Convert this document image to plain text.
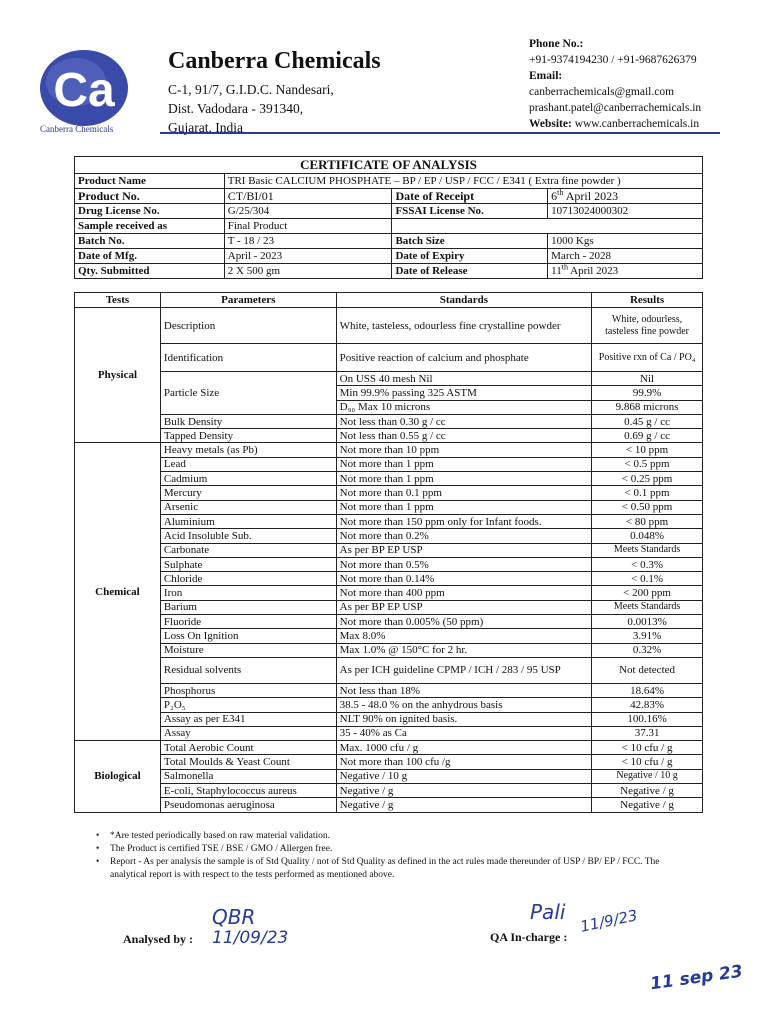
Ca
Canberra Chemicals
Canberra Chemicals
C-1, 91/7, G.I.D.C. Nandesari,
Dist. Vadodara - 391340,
Gujarat, India
Phone No.:
+91-9374194230 / +91-9687626379
Email:
canberrachemicals@gmail.com
prashant.patel@canberrachemicals.in
Website: www.canberrachemicals.in
CERTIFICATE OF ANALYSIS			
Product Name	TRI Basic CALCIUM PHOSPHATE – BP / EP / USP / FCC / E341 ( Extra fine powder )		
Product No.	CT/BI/01	Date of Receipt	6th April 2023
Drug License No.	G/25/304	FSSAI License No.	10713024000302
Sample received as	Final Product		
Batch No.	T - 18 / 23	Batch Size	1000 Kgs
Date of Mfg.	April - 2023	Date of Expiry	March - 2028
Qty. Submitted	2 X 500 gm	Date of Release	11th April 2023
Tests	Parameters	Standards	Results
Physical	Description	White, tasteless, odourless fine crystalline powder	White, odourless, tasteless fine powder
	Identification	Positive reaction of calcium and phosphate	Positive rxn of Ca / PO₄
	Particle Size	On USS 40 mesh Nil	Nil
		Min 99.9% passing 325 ASTM	99.9%
		D₉₀ Max 10 microns	9.868 microns
	Bulk Density	Not less than 0.30 g / cc	0.45 g / cc
	Tapped Density	Not less than 0.55 g / cc	0.69 g / cc
Chemical	Heavy metals (as Pb)	Not more than 10 ppm	< 10 ppm
	Lead	Not more than 1 ppm	< 0.5 ppm
	Cadmium	Not more than 1 ppm	< 0.25 ppm
	Mercury	Not more than 0.1 ppm	< 0.1 ppm
	Arsenic	Not more than 1 ppm	< 0.50 ppm
	Aluminium	Not more than 150 ppm only for Infant foods.	< 80 ppm
	Acid Insoluble Sub.	Not more than 0.2%	0.048%
	Carbonate	As per BP EP USP	Meets Standards
	Sulphate	Not more than 0.5%	< 0.3%
	Chloride	Not more than 0.14%	< 0.1%
	Iron	Not more than 400 ppm	< 200 ppm
	Barium	As per BP EP USP	Meets Standards
	Fluoride	Not more than 0.005% (50 ppm)	0.0013%
	Loss On Ignition	Max 8.0%	3.91%
	Moisture	Max 1.0% @ 150°C for 2 hr.	0.32%
	Residual solvents	As per ICH guideline CPMP / ICH / 283 / 95 USP	Not detected
	Phosphorus	Not less than 18%	18.64%
	P₂O₅	38.5 - 48.0 % on the anhydrous basis	42.83%
	Assay as per E341	NLT 90% on ignited basis.	100.16%
	Assay	35 - 40% as Ca	37.31
Biological	Total Aerobic Count	Max. 1000 cfu / g	< 10 cfu / g
	Total Moulds & Yeast Count	Not more than 100 cfu /g	< 10 cfu / g
	Salmonella	Negative / 10 g	Negative / 10 g
	E-coli, Staphylococcus aureus	Negative / g	Negative / g
	Pseudomonas aeruginosa	Negative / g	Negative / g
• *Are tested periodically based on raw material validation.
• The Product is certified TSE / BSE / GMO / Allergen free.
• Report - As per analysis the sample is of Std Quality / not of Std Quality as defined in the act rules made thereunder of USP / BP/ EP / FCC. The analytical report is with respect to the tests performed as mentioned above.
Analysed by :
QBR
11/09/23	QA In-charge :
Pali 11/9/23
11 sep 23
